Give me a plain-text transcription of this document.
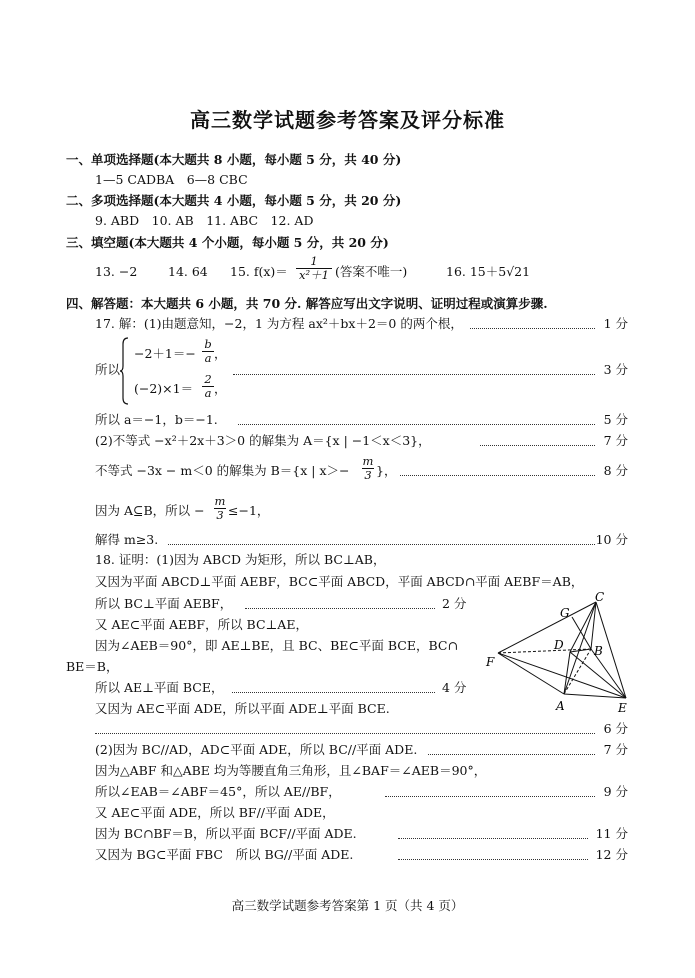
高三数学试题参考答案及评分标准
一、单项选择题(本大题共 8 小题，每小题 5 分，共 40 分)
1—5 CADBA　6—8 CBC
二、多项选择题(本大题共 4 小题，每小题 5 分，共 20 分)
9. ABD　10. AB　11. ABC　12. AD
三、填空题(本大题共 4 个小题，每小题 5 分，共 20 分)
13. −2 14. 64 15. f(x)＝
1
x²＋1 (答案不唯一)	16. 15＋5√21
四、解答题：本大题共 6 小题，共 70 分. 解答应写出文字说明、证明过程或演算步骤.
17. 解：(1)由题意知，−2，1 为方程 ax²＋bx＋2＝0 的两个根，	1 分
所以
−2＋1＝−
b
a ，
(−2)×1＝
2
a ，
3 分
所以 a＝−1，b＝−1.	5 分
(2)不等式 −x²＋2x＋3＞0 的解集为 A＝{x | −1＜x＜3}，	7 分
不等式 −3x − m＜0 的解集为 B＝{x | x＞−
m
3 }，	8 分
因为 A⊆B，所以 −
m
3 ≤−1，
解得 m≥3.	10 分
18. 证明：(1)因为 ABCD 为矩形，所以 BC⊥AB，
又因为平面 ABCD⊥平面 AEBF，BC⊂平面 ABCD，平面 ABCD∩平面 AEBF＝AB，
所以 BC⊥平面 AEBF，	2 分
又 AE⊂平面 AEBF，所以 BC⊥AE，
因为∠AEB＝90°，即 AE⊥BE，且 BC、BE⊂平面 BCE，BC∩
BE＝B，
所以 AE⊥平面 BCE，	4 分
又因为 AE⊂平面 ADE，所以平面 ADE⊥平面 BCE.
6 分
(2)因为 BC//AD，AD⊂平面 ADE，所以 BC//平面 ADE.	7 分
因为△ABF 和△ABE 均为等腰直角三角形，且∠BAF＝∠AEB＝90°，
所以∠EAB＝∠ABF＝45°，所以 AE//BF，	9 分
又 AE⊂平面 ADE，所以 BF//平面 ADE，
因为 BC∩BF＝B，所以平面 BCF//平面 ADE.	11 分
又因为 BG⊂平面 FBC　所以 BG//平面 ADE.	12 分
C
G
D	B
F
A	E
高三数学试题参考答案第 1 页（共 4 页）
